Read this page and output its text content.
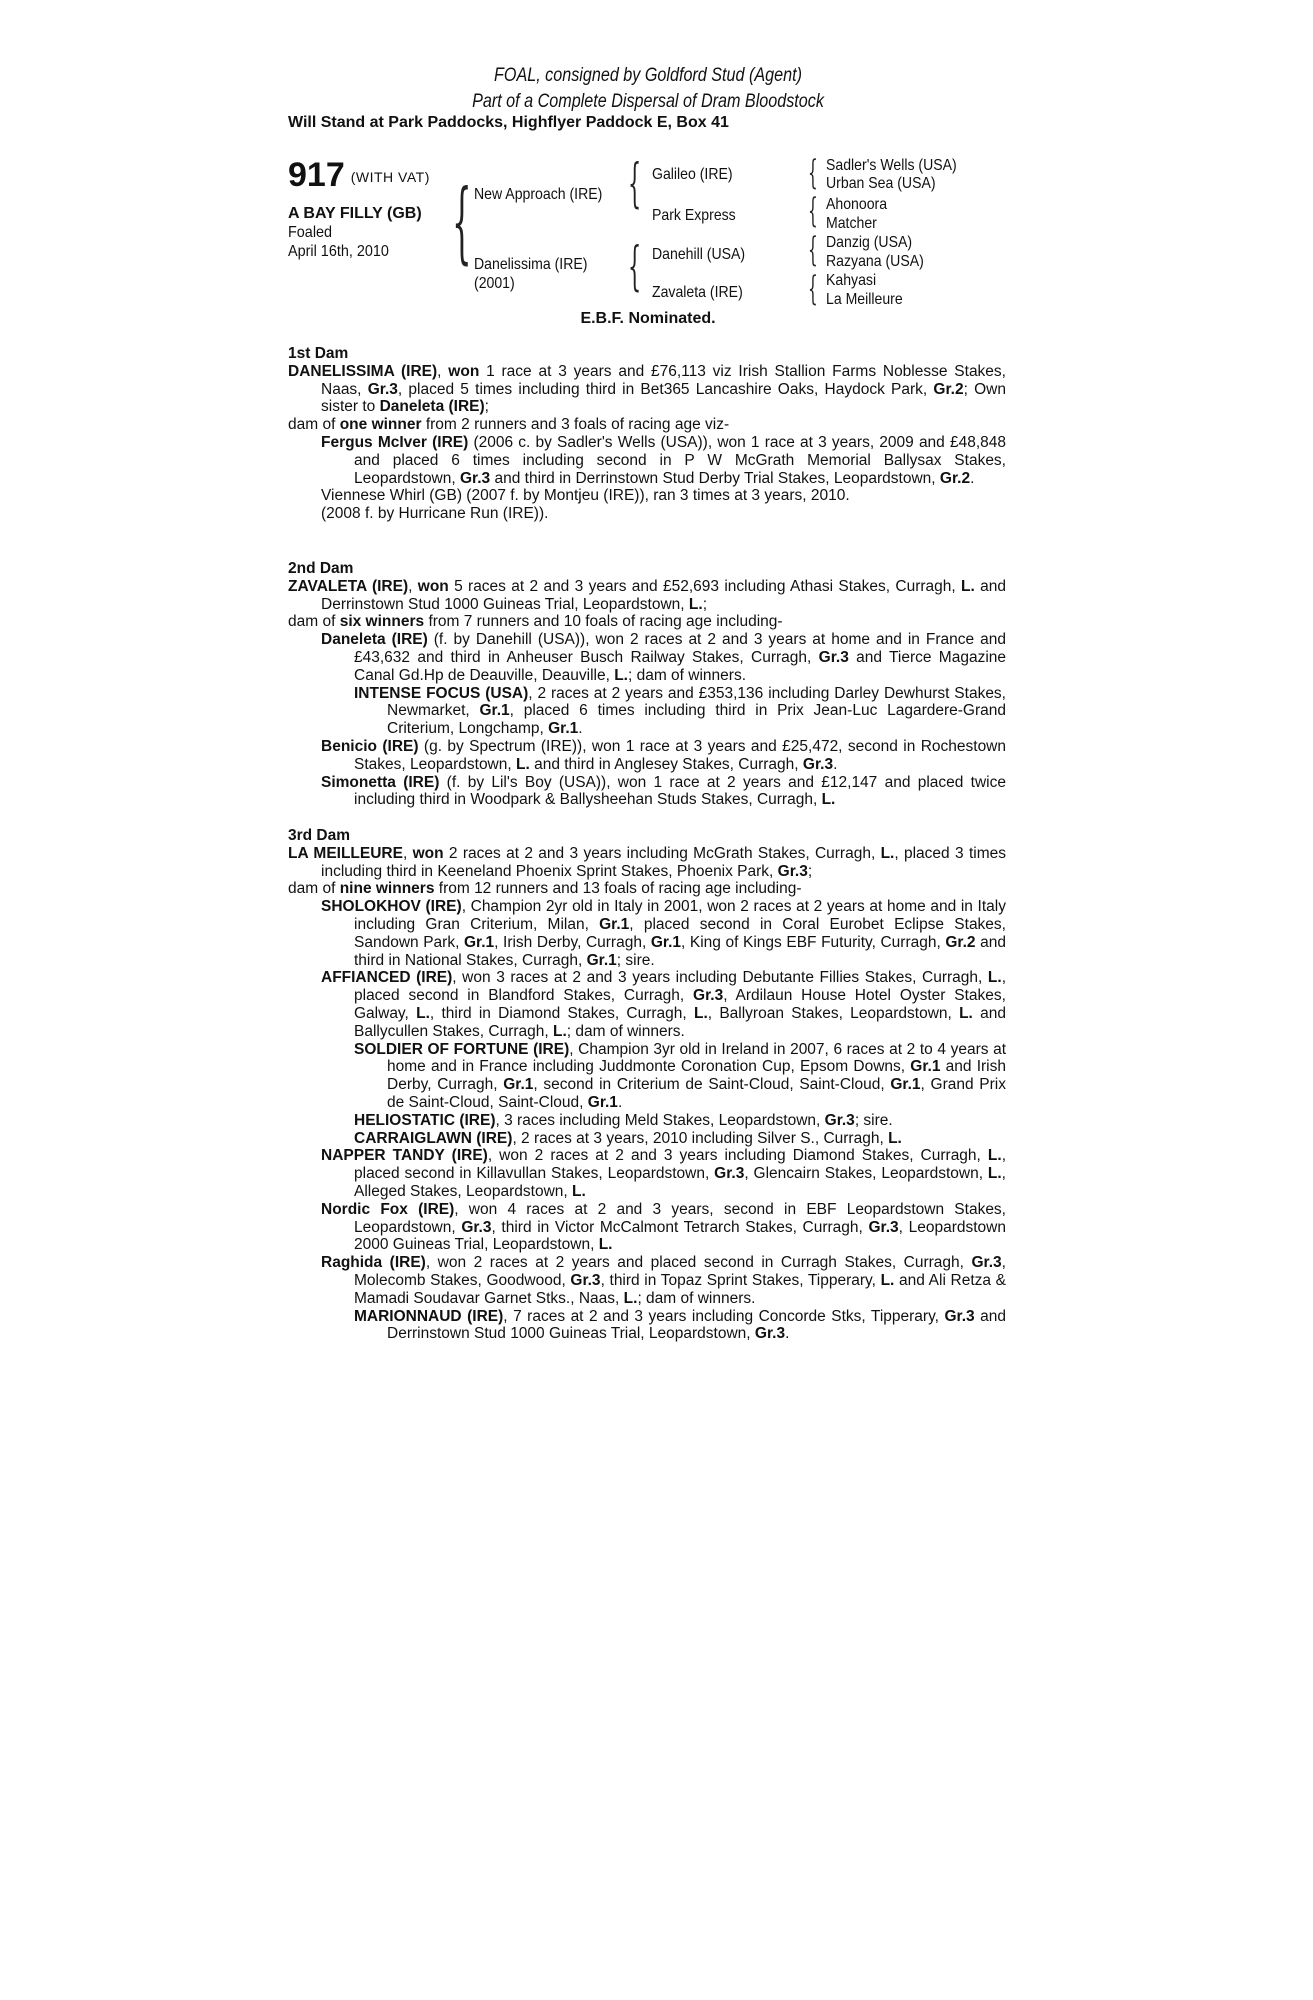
FOAL, consigned by Goldford Stud (Agent)
Part of a Complete Dispersal of Dram Bloodstock
Will Stand at Park Paddocks, Highflyer Paddock E, Box 41
917 (WITH VAT)
A BAY FILLY (GB)
Foaled
April 16th, 2010 { New Approach (IRE)
Danelissima (IRE)
(2001)
{
{
Galileo (IRE)
Park Express
Danehill (USA)
Zavaleta (IRE)
{
{
{
{
Sadler's Wells (USA)
Urban Sea (USA)
Ahonoora
Matcher
Danzig (USA)
Razyana (USA)
Kahyasi
La Meilleure
E.B.F. Nominated.
1st Dam

DANELISSIMA (IRE), won 1 race at 3 years and £76,113 viz Irish Stallion Farms Noblesse Stakes, Naas, Gr.3, placed 5 times including third in Bet365 Lancashire Oaks, Haydock Park, Gr.2; Own sister to Daneleta (IRE);

dam of one winner from 2 runners and 3 foals of racing age viz-

Fergus McIver (IRE) (2006 c. by Sadler's Wells (USA)), won 1 race at 3 years, 2009 and £48,848 and placed 6 times including second in P W McGrath Memorial Ballysax Stakes, Leopardstown, Gr.3 and third in Derrinstown Stud Derby Trial Stakes, Leopardstown, Gr.2.

Viennese Whirl (GB) (2007 f. by Montjeu (IRE)), ran 3 times at 3 years, 2010.

(2008 f. by Hurricane Run (IRE)).

2nd Dam

ZAVALETA (IRE), won 5 races at 2 and 3 years and £52,693 including Athasi Stakes, Curragh, L. and Derrinstown Stud 1000 Guineas Trial, Leopardstown, L.;

dam of six winners from 7 runners and 10 foals of racing age including-

Daneleta (IRE) (f. by Danehill (USA)), won 2 races at 2 and 3 years at home and in France and £43,632 and third in Anheuser Busch Railway Stakes, Curragh, Gr.3 and Tierce Magazine Canal Gd.Hp de Deauville, Deauville, L.; dam of winners.

INTENSE FOCUS (USA), 2 races at 2 years and £353,136 including Darley Dewhurst Stakes, Newmarket, Gr.1, placed 6 times including third in Prix Jean-Luc Lagardere-Grand Criterium, Longchamp, Gr.1.

Benicio (IRE) (g. by Spectrum (IRE)), won 1 race at 3 years and £25,472, second in Rochestown Stakes, Leopardstown, L. and third in Anglesey Stakes, Curragh, Gr.3.

Simonetta (IRE) (f. by Lil's Boy (USA)), won 1 race at 2 years and £12,147 and placed twice including third in Woodpark & Ballysheehan Studs Stakes, Curragh, L.

3rd Dam

LA MEILLEURE, won 2 races at 2 and 3 years including McGrath Stakes, Curragh, L., placed 3 times including third in Keeneland Phoenix Sprint Stakes, Phoenix Park, Gr.3;

dam of nine winners from 12 runners and 13 foals of racing age including-

SHOLOKHOV (IRE), Champion 2yr old in Italy in 2001, won 2 races at 2 years at home and in Italy including Gran Criterium, Milan, Gr.1, placed second in Coral Eurobet Eclipse Stakes, Sandown Park, Gr.1, Irish Derby, Curragh, Gr.1, King of Kings EBF Futurity, Curragh, Gr.2 and third in National Stakes, Curragh, Gr.1; sire.

AFFIANCED (IRE), won 3 races at 2 and 3 years including Debutante Fillies Stakes, Curragh, L., placed second in Blandford Stakes, Curragh, Gr.3, Ardilaun House Hotel Oyster Stakes, Galway, L., third in Diamond Stakes, Curragh, L., Ballyroan Stakes, Leopardstown, L. and Ballycullen Stakes, Curragh, L.; dam of winners.

SOLDIER OF FORTUNE (IRE), Champion 3yr old in Ireland in 2007, 6 races at 2 to 4 years at home and in France including Juddmonte Coronation Cup, Epsom Downs, Gr.1 and Irish Derby, Curragh, Gr.1, second in Criterium de Saint-Cloud, Saint-Cloud, Gr.1, Grand Prix de Saint-Cloud, Saint-Cloud, Gr.1.

HELIOSTATIC (IRE), 3 races including Meld Stakes, Leopardstown, Gr.3; sire.

CARRAIGLAWN (IRE), 2 races at 3 years, 2010 including Silver S., Curragh, L.

NAPPER TANDY (IRE), won 2 races at 2 and 3 years including Diamond Stakes, Curragh, L., placed second in Killavullan Stakes, Leopardstown, Gr.3, Glencairn Stakes, Leopardstown, L., Alleged Stakes, Leopardstown, L.

Nordic Fox (IRE), won 4 races at 2 and 3 years, second in EBF Leopardstown Stakes, Leopardstown, Gr.3, third in Victor McCalmont Tetrarch Stakes, Curragh, Gr.3, Leopardstown 2000 Guineas Trial, Leopardstown, L.

Raghida (IRE), won 2 races at 2 years and placed second in Curragh Stakes, Curragh, Gr.3, Molecomb Stakes, Goodwood, Gr.3, third in Topaz Sprint Stakes, Tipperary, L. and Ali Retza & Mamadi Soudavar Garnet Stks., Naas, L.; dam of winners.

MARIONNAUD (IRE), 7 races at 2 and 3 years including Concorde Stks, Tipperary, Gr.3 and Derrinstown Stud 1000 Guineas Trial, Leopardstown, Gr.3.
